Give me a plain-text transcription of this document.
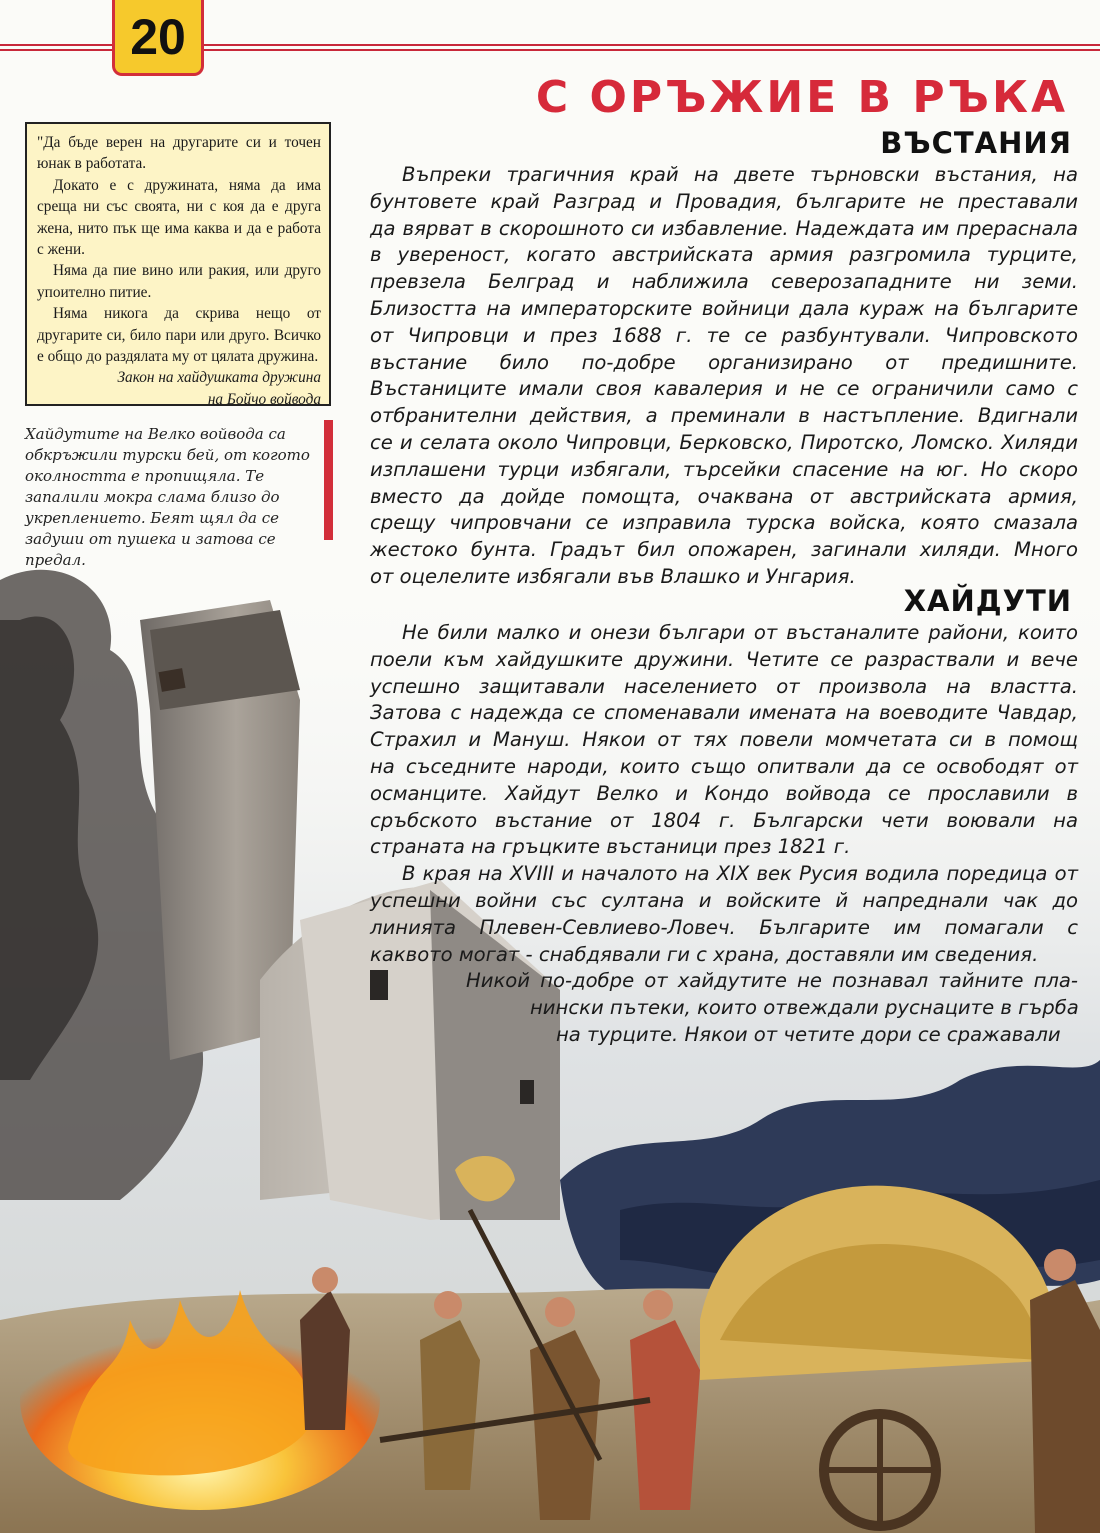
20
С ОРЪЖИЕ В РЪКА

"Да бъде верен на другарите си и точен юнак в работата.

Докато е с дружината, няма да има среща ни със своята, ни с коя да е друга жена, нито пък ще има каква и да е работа с жени.

Няма да пие вино или ракия, или друго упоително питие.

Няма никога да скрива нещо от другарите си, било пари или друго. Всичко е общо до раздялата му от цялата дружина.

Закон на хайдушката дружина

на Бойчо войвода

Хайдутите на Велко войвода са обкръжили турски бей, от когото околността е пропищяла. Те запалили мокра слама близо до укреплението. Беят щял да се задуши от пушека и затова се
ВЪСТАНИЯ
Въпреки трагичния край на двете търновски въстания, на
бунтовете край Разград и Провадия, българите не преставали
да вярват в скорошното си избавление. Надеждата им прераснала
в увереност, когато австрийската армия разгромила турците,
превзела Белград и наближила северозападните ни земи.
Близостта на императорските войници дала кураж на българите
от Чипровци и през 1688 г. те се разбунтували. Чипровското
въстание било по-добре организирано от предишните.
Въстаниците имали своя кавалерия и не се ограничили само с
отбранителни действия, а преминали в настъпление. Вдигнали
се и селата около Чипровци, Берковско, Пиротско, Ломско. Хиляди
изплашени турци избягали, търсейки спасение на юг. Но скоро
вместо да дойде помощта, очаквана от австрийската армия,
срещу чипровчани се изправила турска войска, която смазала
жестоко бунта. Градът бил опожарен, загинали хиляди. Много
от оцелелите избягали във Влашко и Унгария.
ХАЙДУТИ
Не били малко и онези българи от въстаналите райони, които
поели към хайдушките дружини. Четите се разраствали и вече
успешно защитавали населението от произвола на властта.
Затова с надежда се споменавали имената на воеводите Чавдар,
Страхил и Мануш. Някои от тях повели момчетата си в помощ
на съседните народи, които също опитвали да се освободят от
османците. Хайдут Велко и Кондо войвода се прославили в
сръбското въстание от 1804 г. Български чети воювали на
страната на гръцките въстаници през 1821 г.
В края на XVIII и началото на XIX век Русия водила поредица от
успешни войни със султана и войските й напреднали чак до
линията Плевен-Севлиево-Ловеч. Българите им помагали с
каквото могат - снабдявали ги с храна, доставяли им сведения.
Никой по-добре от хайдутите не познавал тайните пла-
нински пътеки, които отвеждали руснаците в гърба
на турците. Някои от четите дори се сражавали
